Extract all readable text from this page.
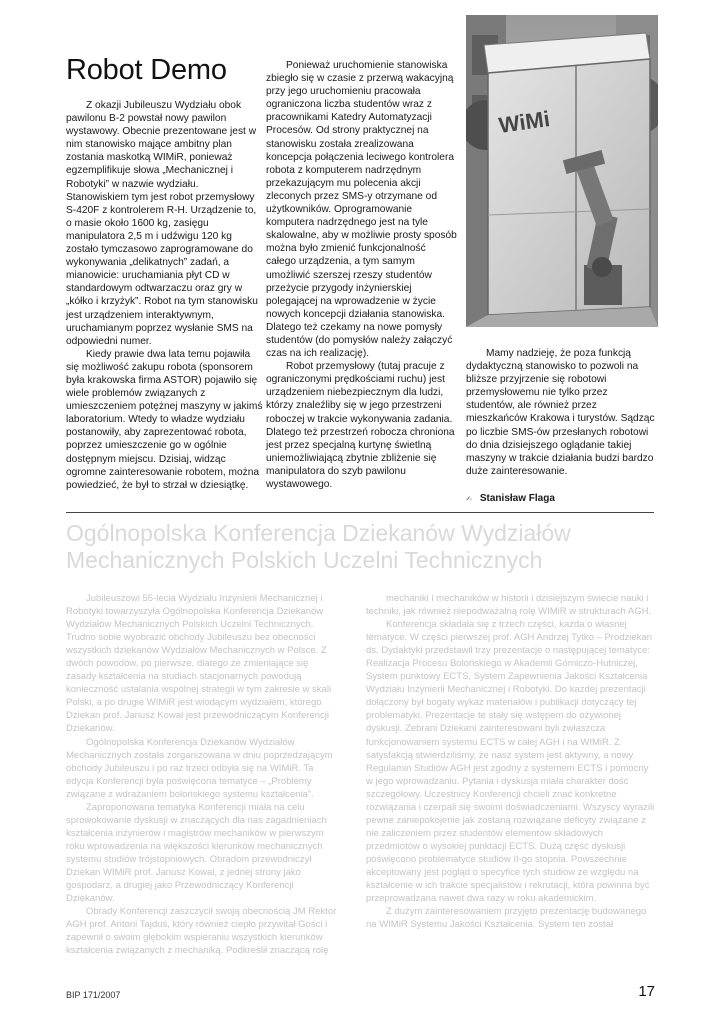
Robot Demo

Z okazji Jubileuszu Wydziału obok pawilonu B-2 powstał nowy pawilon wystawowy. Obecnie prezentowane jest w nim stanowisko mające ambitny plan zostania maskotką WIMiR, ponieważ egzemplifikuje słowa „Mechanicznej i Robotyki” w nazwie wydziału. Stanowiskiem tym jest robot przemysłowy S-420F z kontrolerem R-H. Urządzenie to, o masie około 1600 kg, zasięgu manipulatora 2,5 m i udźwigu 120 kg zostało tymczasowo zaprogramowane do wykonywania „delikatnych” zadań, a mianowicie: uruchamiania płyt CD w standardowym odtwarzaczu oraz gry w „kółko i krzyżyk”. Robot na tym stanowisku jest urządzeniem interaktywnym, uruchamianym poprzez wysłanie SMS na odpowiedni numer.

Kiedy prawie dwa lata temu pojawiła się możliwość zakupu robota (sponsorem była krakowska firma ASTOR) pojawiło się wiele problemów związanych z umieszczeniem potężnej maszyny w jakimś laboratorium. Wtedy to władze wydziału postanowiły, aby zaprezentować robota, poprzez umieszczenie go w ogólnie dostępnym miejscu. Dzisiaj, widząc ogromne zainteresowanie robotem, można powiedzieć, że był to strzał w dziesiątkę.

Ponieważ uruchomienie stanowiska zbiegło się w czasie z przerwą wakacyjną przy jego uruchomieniu pracowała ograniczona liczba studentów wraz z pracownikami Katedry Automatyzacji Procesów. Od strony praktycznej na stanowisku została zrealizowana koncepcja połączenia leciwego kontrolera robota z komputerem nadrzędnym przekazującym mu polecenia akcji zleconych przez SMS-y otrzymane od użytkowników. Oprogramowanie komputera nadrzędnego jest na tyle skalowalne, aby w możliwie prosty sposób można było zmienić funkcjonalność całego urządzenia, a tym samym umożliwić szerszej rzeszy studentów przeżycie przygody inżynierskiej polegającej na wprowadzenie w życie nowych koncepcji działania stanowiska. Dlatego też czekamy na nowe pomysły studentów (do pomysłów należy załączyć czas na ich realizację).

Robot przemysłowy (tutaj pracuje z ograniczonymi prędkościami ruchu) jest urządzeniem niebezpiecznym dla ludzi, którzy znaleźliby się w jego przestrzeni roboczej w trakcie wykonywania zadania. Dlatego też przestrzeń robocza chroniona jest przez specjalną kurtynę świetlną uniemożliwiającą zbytnie zbliżenie się manipulatora do szyb pawilonu wystawowego.

WiMi

Mamy nadzieję, że poza funkcją dydaktyczną stanowisko to pozwoli na bliższe przyjrzenie się robotowi przemysłowemu nie tylko przez studentów, ale również przez mieszkańców Krakowa i turystów. Sądząc po liczbie SMS-ów przesłanych robotowi do dnia dzisiejszego oglądanie takiej maszyny w trakcie działania budzi bardzo duże zainteresowanie.

✍ Stanisław Flaga
Ogólnopolska Konferencja Dziekanów Wydziałów Mechanicznych Polskich Uczelni Technicznych

Jubileuszowi 55-lecia Wydziału Inżynierii Mechanicznej i Robotyki towarzyszyła Ogólnopolska Konferencja Dziekanów Wydziałów Mechanicznych Polskich Uczelni Technicznych. Trudno sobie wyobrazić obchody Jubileuszu bez obecności wszystkich dziekanów Wydziałów Mechanicznych w Polsce. Z dwóch powodów, po pierwsze, dlatego że zmieniające się zasady kształcenia na studiach stacjonarnych powodują konieczność ustalania wspólnej strategii w tym zakresie w skali Polski, a po drugie WIMiR jest wiodącym wydziałem, którego Dziekan prof. Janusz Kowal jest przewodniczącym Konferencji Dziekanów.

Ogólnopolska Konferencja Dziekanów Wydziałów Mechanicznych została zorganizowana w dniu poprzedzającym obchody Jubileuszu i po raz trzeci odbyła się na WIMiR. Ta edycja Konferencji była poświęcona tematyce – „Problemy związane z wdrażaniem bolońskiego systemu kształcenia”.

Zaproponowana tematyka Konferencji miała na celu sprowokowanie dyskusji w znaczących dla nas zagadnieniach kształcenia inżynierów i magistrów mechaników w pierwszym roku wprowadzenia na większości kierunków mechanicznych systemu studiów trójstopniowych. Obradom przewodniczył Dziekan WIMiR prof. Janusz Kowal, z jednej strony jako gospodarz, a drugiej jako Przewodniczący Konferencji Dziekanów.

Obrady Konferencji zaszczycił swoją obecnością JM Rektor AGH prof. Antoni Tajduś, który również ciepło przywitał Gości i zapewnił o swoim głębokim wspieraniu wszystkich kierunków kształcenia związanych z mechaniką. Podkreślił znaczącą rolę

mechaniki i mechaników w historii i dzisiejszym świecie nauki i techniki, jak również niepodważalną rolę WIMiR w strukturach AGH.

Konferencja składała się z trzech części, każda o własnej tematyce. W części pierwszej prof. AGH Andrzej Tytko – Prodziekan ds. Dydaktyki przedstawił trzy prezentacje o następującej tematyce: Realizacja Procesu Bolońskiego w Akademii Górniczo-Hutniczej, System punktowy ECTS, System Zapewnienia Jakości Kształcenia Wydziału Inżynierii Mechanicznej i Robotyki. Do każdej prezentacji dołączony był bogaty wykaz materiałów i publikacji dotyczący tej problematyki. Prezentacje te stały się wstępem do ożywionej dyskusji. Zebrani Dziekani zainteresowani byli zwłaszcza funkcjonowaniem systemu ECTS w całej AGH i na WIMiR. Z satysfakcją stwierdziliśmy, że nasz system jest aktywny, a nowy Regulamin Studiów AGH jest zgodny z systemem ECTS i pomocny w jego wprowadzaniu. Pytania i dyskusja miała charakter dość szczegółowy. Uczestnicy Konferencji chcieli znać konkretne rozwiązania i czerpali się swoimi doświadczeniami. Wszyscy wyrazili pewne zaniepokojenie jak zostaną rozwiązane deficyty związane z nie zaliczeniem przez studentów elementów składowych przedmiotów o wysokiej punktacji ECTS. Dużą część dyskusji poświęcono problematyce studiów II-go stopnia. Powszechnie akceptowany jest pogląd o specyfice tych studiów ze względu na kształcenie w ich trakcie specjalistów i rekrutacji, która powinna być przeprowadzana nawet dwa razy w roku akademickim.

Z dużym zainteresowaniem przyjęto prezentację budowanego na WIMiR Systemu Jakości Kształcenia. System ten został

BIP 171/2007	17
